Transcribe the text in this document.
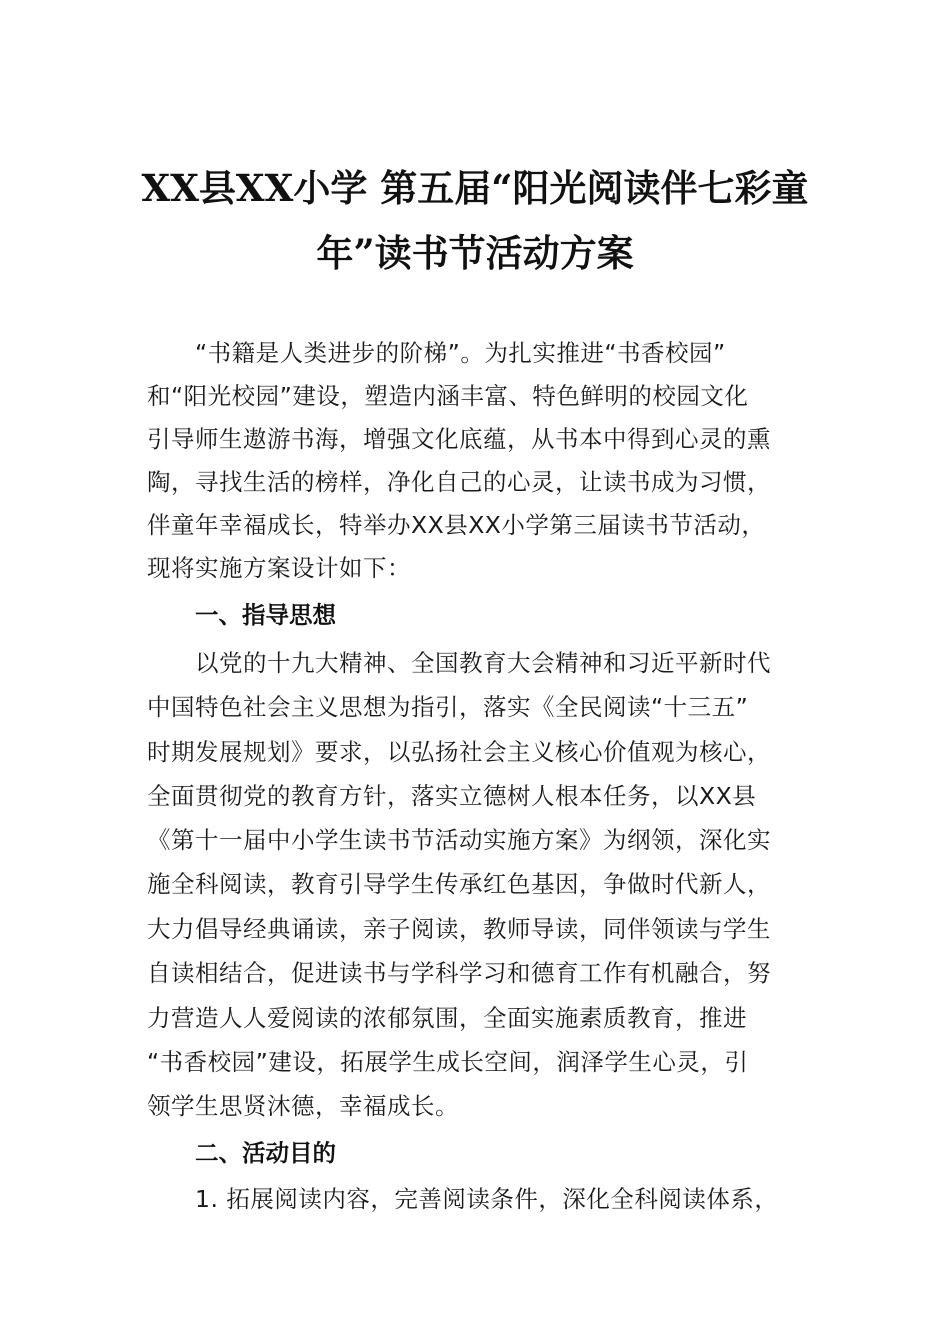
XX县XX小学 第五届“阳光阅读伴七彩童
年”读书节活动方案
“书籍是人类进步的阶梯”。为扎实推进“书香校园”
和“阳光校园”建设，塑造内涵丰富、特色鲜明的校园文化
引导师生遨游书海，增强文化底蕴，从书本中得到心灵的熏
陶，寻找生活的榜样，净化自己的心灵，让读书成为习惯，
伴童年幸福成长，特举办XX县XX小学第三届读书节活动，
现将实施方案设计如下：
一、指导思想
以党的十九大精神、全国教育大会精神和习近平新时代
中国特色社会主义思想为指引，落实《全民阅读“十三五”
时期发展规划》要求，以弘扬社会主义核心价值观为核心，
全面贯彻党的教育方针，落实立德树人根本任务，以XX县
《第十一届中小学生读书节活动实施方案》为纲领，深化实
施全科阅读，教育引导学生传承红色基因，争做时代新人，
大力倡导经典诵读，亲子阅读，教师导读，同伴领读与学生
自读相结合，促进读书与学科学习和德育工作有机融合，努
力营造人人爱阅读的浓郁氛围，全面实施素质教育，推进
“书香校园”建设，拓展学生成长空间，润泽学生心灵，引
领学生思贤沐德，幸福成长。
二、活动目的
1. 拓展阅读内容，完善阅读条件，深化全科阅读体系，
